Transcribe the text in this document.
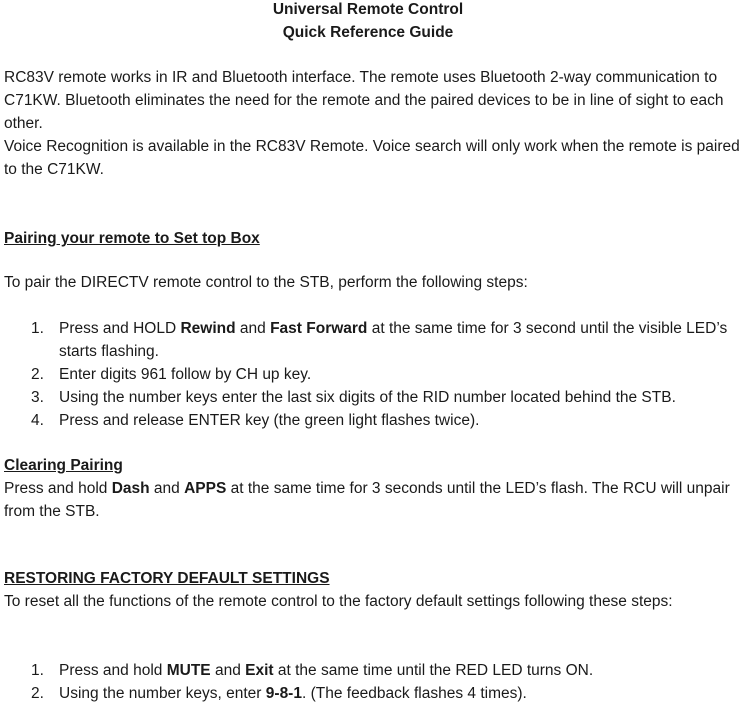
Universal Remote Control
Quick Reference Guide

RC83V remote works in IR and Bluetooth interface. The remote uses Bluetooth 2-way communication to C71KW. Bluetooth eliminates the need for the remote and the paired devices to be in line of sight to each other.

Voice Recognition is available in the RC83V Remote. Voice search will only work when the remote is paired to the C71KW.

Pairing your remote to Set top Box

To pair the DIRECTV remote control to the STB, perform the following steps:

1. Press and HOLD Rewind and Fast Forward at the same time for 3 second until the visible LED’s starts flashing.
2. Enter digits 961 follow by CH up key.
3. Using the number keys enter the last six digits of the RID number located behind the STB.
4. Press and release ENTER key (the green light flashes twice).

Clearing Pairing

Press and hold Dash and APPS at the same time for 3 seconds until the LED’s flash. The RCU will unpair from the STB.

RESTORING FACTORY DEFAULT SETTINGS

To reset all the functions of the remote control to the factory default settings following these steps:

1. Press and hold MUTE and Exit at the same time until the RED LED turns ON.
2. Using the number keys, enter 9-8-1. (The feedback flashes 4 times).
